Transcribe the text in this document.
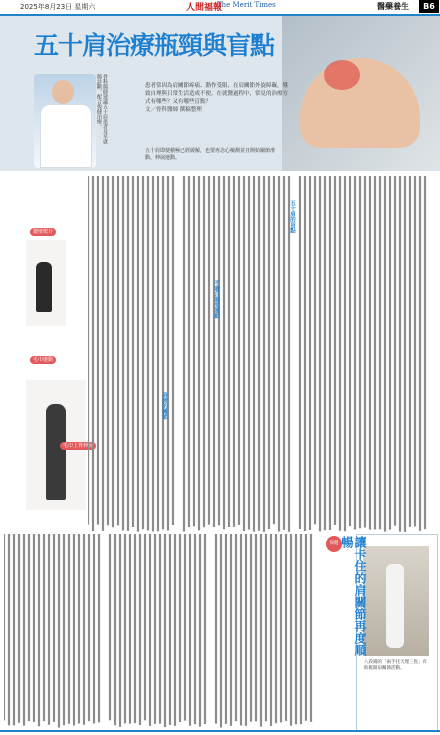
2025年8月23日 星期六	人間福報
The Merit Times	醫藥養生	B6
五十肩治療瓶頸與盲點
骨科醫師建議五十肩患者及早就醫診斷，配合復健治療。	患者常因為肩關節疼痛、動作受限、在肩關節外旋障礙，導致自理與日常生活造成不便。在就醫過程中，常見的治療方式有哪些？又有哪些盲點？
文／骨科醫師 撰稿整理
五十肩即使積極已經緩解，也要再念心檢測並且開始關節滑動、伸展運動。
牆壁爬升
毛巾運動
毛巾上背伸展
五十肩的盲點
不適合過度運動
肩膀的關節
保健	讓卡住的肩關節再度順暢
八段錦的「兩手托天理三焦」有助鬆開肩關節活動。
